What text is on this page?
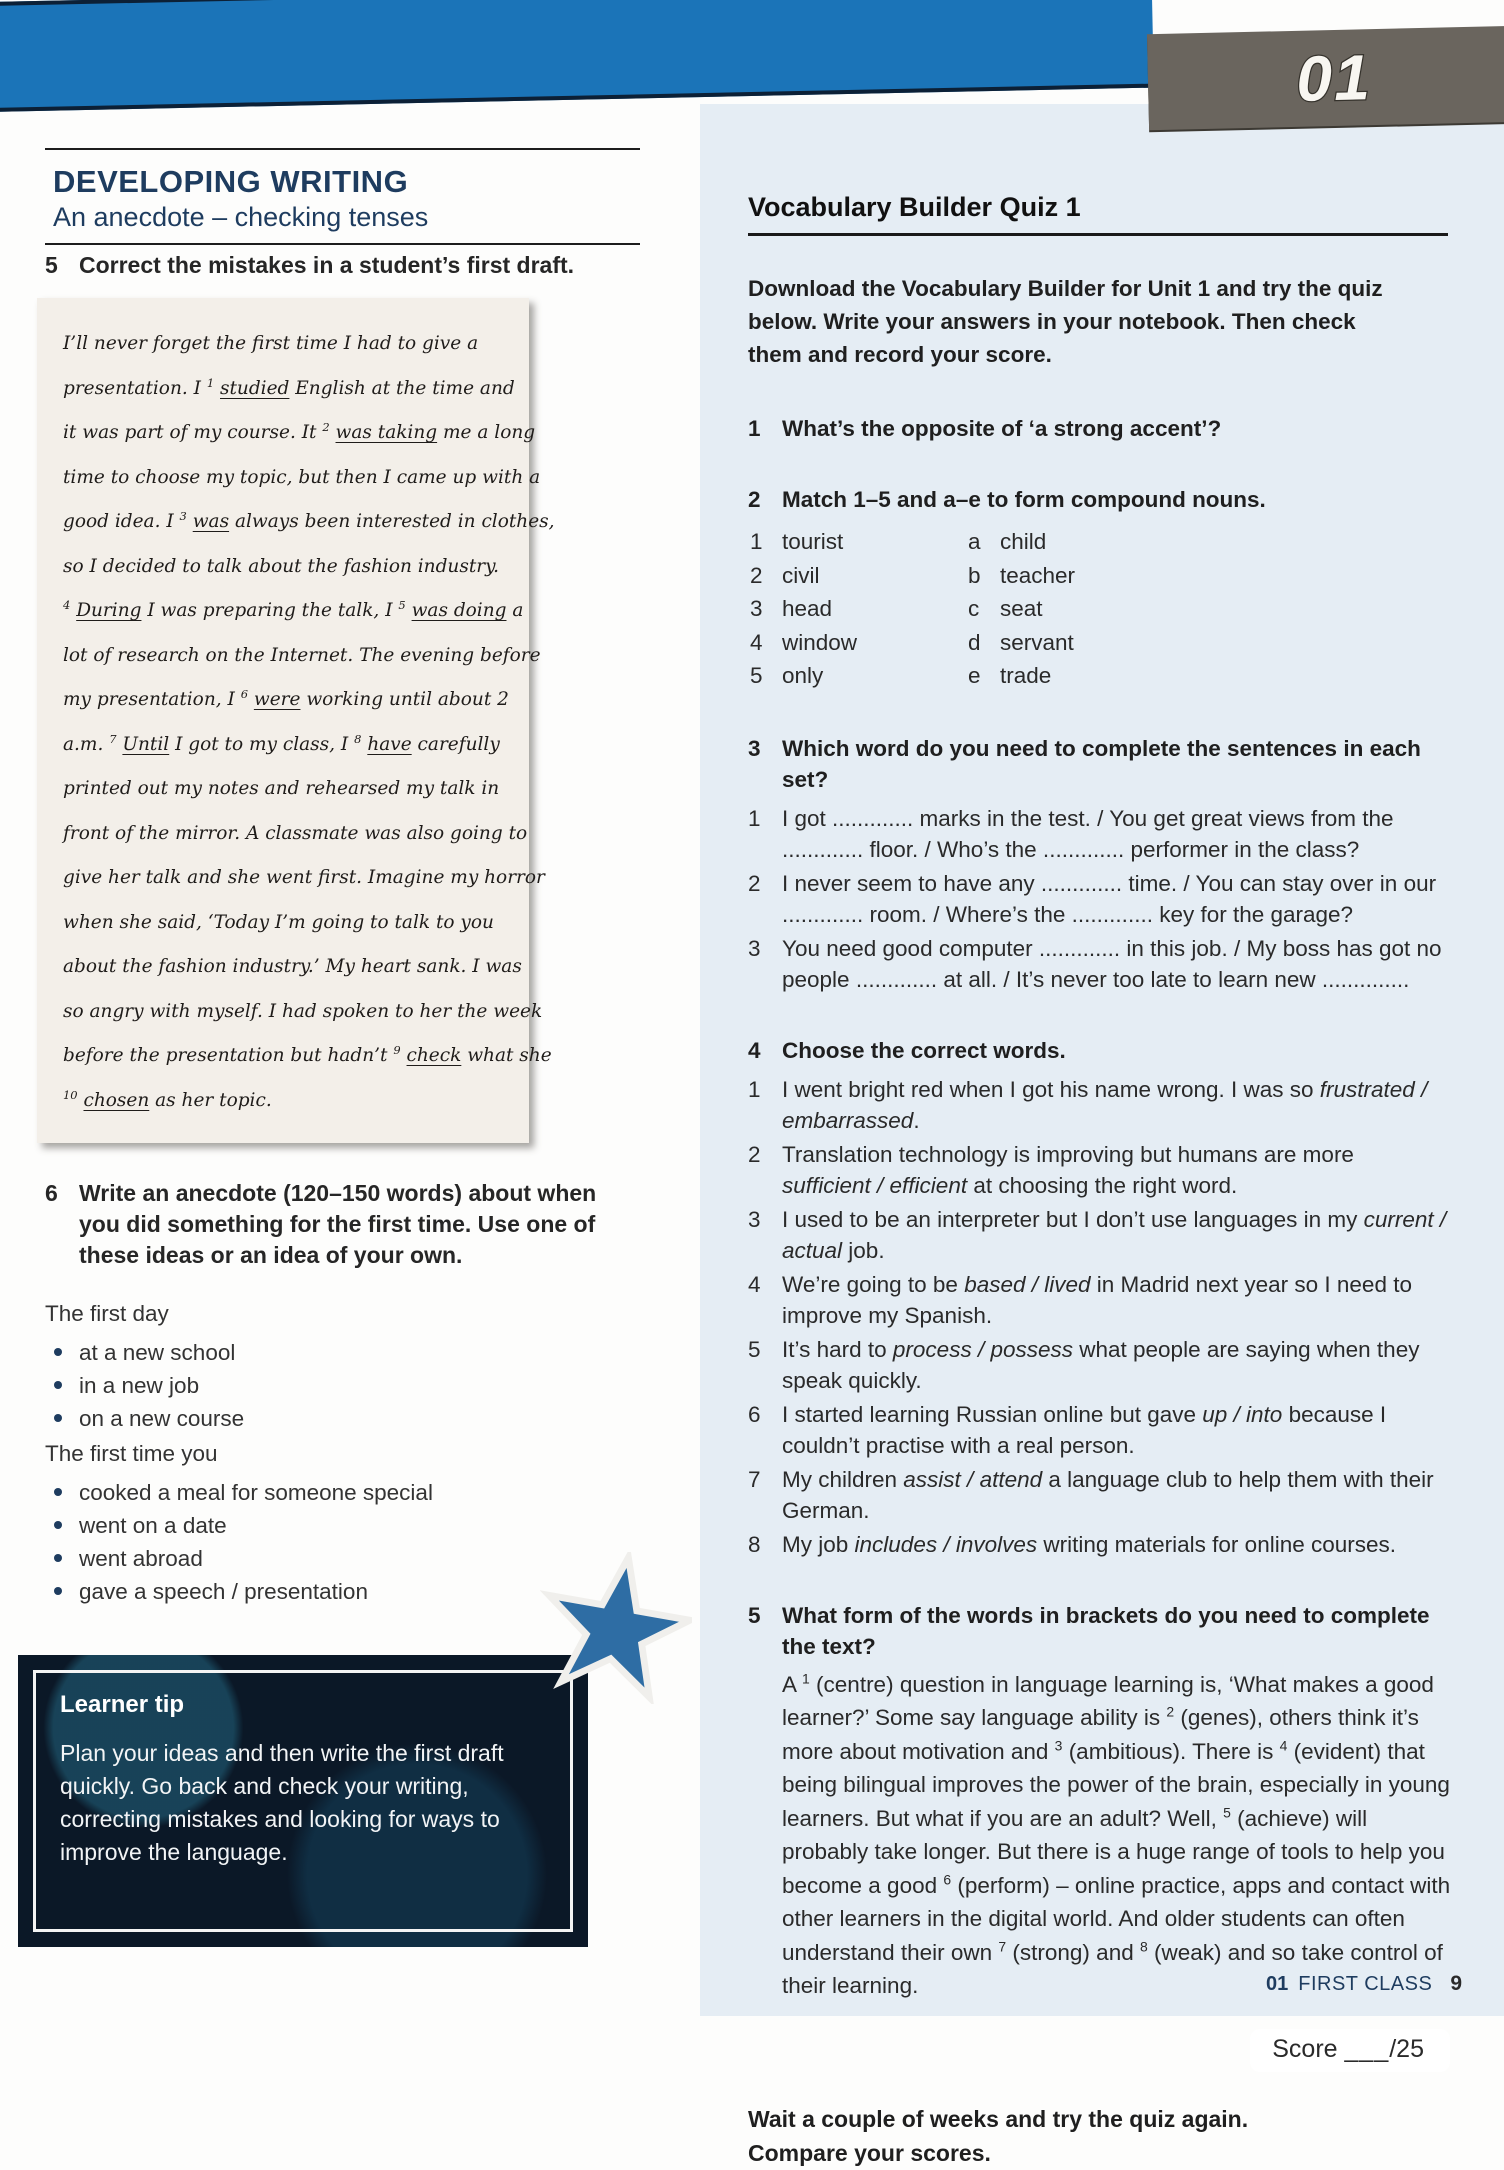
01
DEVELOPING WRITING
An anecdote – checking tenses
5 Correct the mistakes in a student’s first draft.
I’ll never forget the first time I had to give a
presentation. I $^1$ studied English at the time and
it was part of my course. It $^2$ was taking me a long
time to choose my topic, but then I came up with a
good idea. I $^3$ was always been interested in clothes,
so I decided to talk about the fashion industry.
$^4$ During I was preparing the talk, I $^5$ was doing a
lot of research on the Internet. The evening before
my presentation, I $^6$ were working until about 2
a.m. $^7$ Until I got to my class, I $^8$ have carefully
printed out my notes and rehearsed my talk in
front of the mirror. A classmate was also going to
give her talk and she went first. Imagine my horror
when she said, ‘Today I’m going to talk to you
about the fashion industry.’ My heart sank. I was
so angry with myself. I had spoken to her the week
before the presentation but hadn’t $^9$ check what she
$^{10}$ chosen as her topic.
6 Write an anecdote (120–150 words) about when you did something for the first time. Use one of these ideas or an idea of your own.
The first day
at a new school
in a new job
on a new course
The first time you
cooked a meal for someone special
went on a date
went abroad
gave a speech / presentation
Learner tip
Plan your ideas and then write the first draft quickly. Go back and check your writing, correcting mistakes and looking for ways to improve the language.
Vocabulary Builder Quiz 1
Download the Vocabulary Builder for Unit 1 and try the quiz below. Write your answers in your notebook. Then check them and record your score.
1 What’s the opposite of ‘a strong accent’?
2 Match 1–5 and a–e to form compound nouns.
1 tourist
2 civil
3 head
4 window
5 only
a child
b teacher
c seat
d servant
e trade
3 Which word do you need to complete the sentences in each set?
1 I got ............. marks in the test. / You get great views from the ............. floor. / Who’s the ............. performer in the class?
2 I never seem to have any ............. time. / You can stay over in our ............. room. / Where’s the ............. key for the garage?
3 You need good computer ............. in this job. / My boss has got no people ............. at all. / It’s never too late to learn new ..............
4 Choose the correct words.
1 I went bright red when I got his name wrong. I was so frustrated / embarrassed.
2 Translation technology is improving but humans are more sufficient / efficient at choosing the right word.
3 I used to be an interpreter but I don’t use languages in my current / actual job.
4 We’re going to be based / lived in Madrid next year so I need to improve my Spanish.
5 It’s hard to process / possess what people are saying when they speak quickly.
6 I started learning Russian online but gave up / into because I couldn’t practise with a real person.
7 My children assist / attend a language club to help them with their German.
8 My job includes / involves writing materials for online courses.
5 What form of the words in brackets do you need to complete the text?
A $^1$ (centre) question in language learning is, ‘What makes a good learner?’ Some say language ability is $^2$ (genes), others think it’s more about motivation and $^3$ (ambitious). There is $^4$ (evident) that being bilingual improves the power of the brain, especially in young learners. But what if you are an adult? Well, $^5$ (achieve) will probably take longer. But there is a huge range of tools to help you become a good $^6$ (perform) – online practice, apps and contact with other learners in the digital world. And older students can often understand their own $^7$ (strong) and $^8$ (weak) and so take control of their learning.
Score ___/25
Wait a couple of weeks and try the quiz again. Compare your scores.
01 FIRST CLASS 9
